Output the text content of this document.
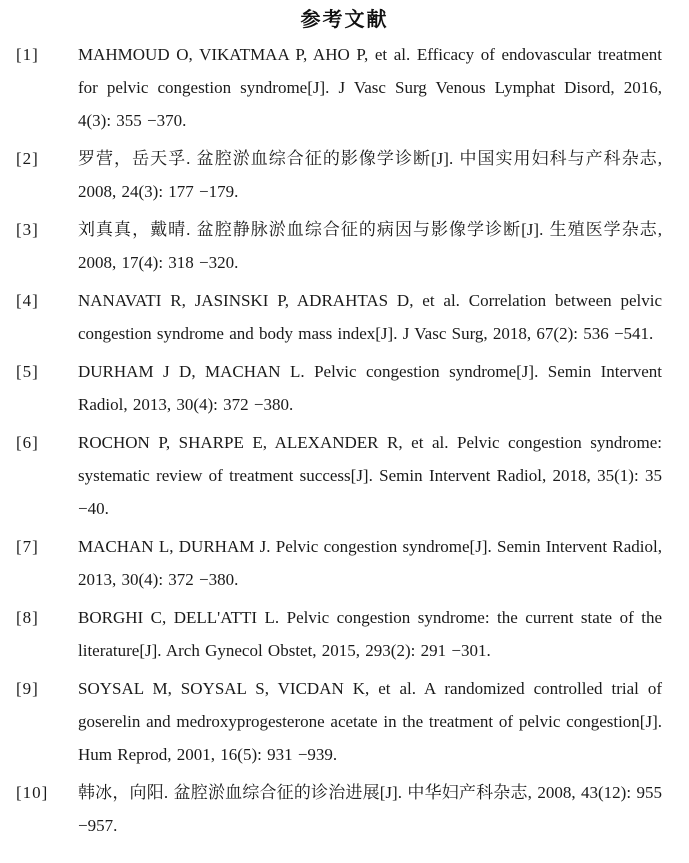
参考文献
[1]	MAHMOUD O, VIKATMAA P, AHO P, et al. Efficacy of endovascular treatment for pelvic congestion syndrome[J]. J Vasc Surg Venous Lymphat Disord, 2016, 4(3): 355 −370.
[2]	罗营，岳天孚. 盆腔淤血综合征的影像学诊断[J]. 中国实用妇科与产科杂志, 2008, 24(3): 177 −179.
[3]	刘真真，戴晴. 盆腔静脉淤血综合征的病因与影像学诊断[J]. 生殖医学杂志, 2008, 17(4): 318 −320.
[4]	NANAVATI R, JASINSKI P, ADRAHTAS D, et al. Correlation between pelvic congestion syndrome and body mass index[J]. J Vasc Surg, 2018, 67(2): 536 −541.
[5]	DURHAM J D, MACHAN L. Pelvic congestion syndrome[J]. Semin Intervent Radiol, 2013, 30(4): 372 −380.
[6]	ROCHON P, SHARPE E, ALEXANDER R, et al. Pelvic congestion syndrome: systematic review of treatment success[J]. Semin Intervent Radiol, 2018, 35(1): 35 −40.
[7]	MACHAN L, DURHAM J. Pelvic congestion syndrome[J]. Semin Intervent Radiol, 2013, 30(4): 372 −380.
[8]	BORGHI C, DELL'ATTI L. Pelvic congestion syndrome: the current state of the literature[J]. Arch Gynecol Obstet, 2015, 293(2): 291 −301.
[9]	SOYSAL M, SOYSAL S, VICDAN K, et al. A randomized controlled trial of goserelin and medroxyprogesterone acetate in the treatment of pelvic congestion[J]. Hum Reprod, 2001, 16(5): 931 −939.
[10]	韩冰，向阳. 盆腔淤血综合征的诊治进展[J]. 中华妇产科杂志, 2008, 43(12): 955 −957.
